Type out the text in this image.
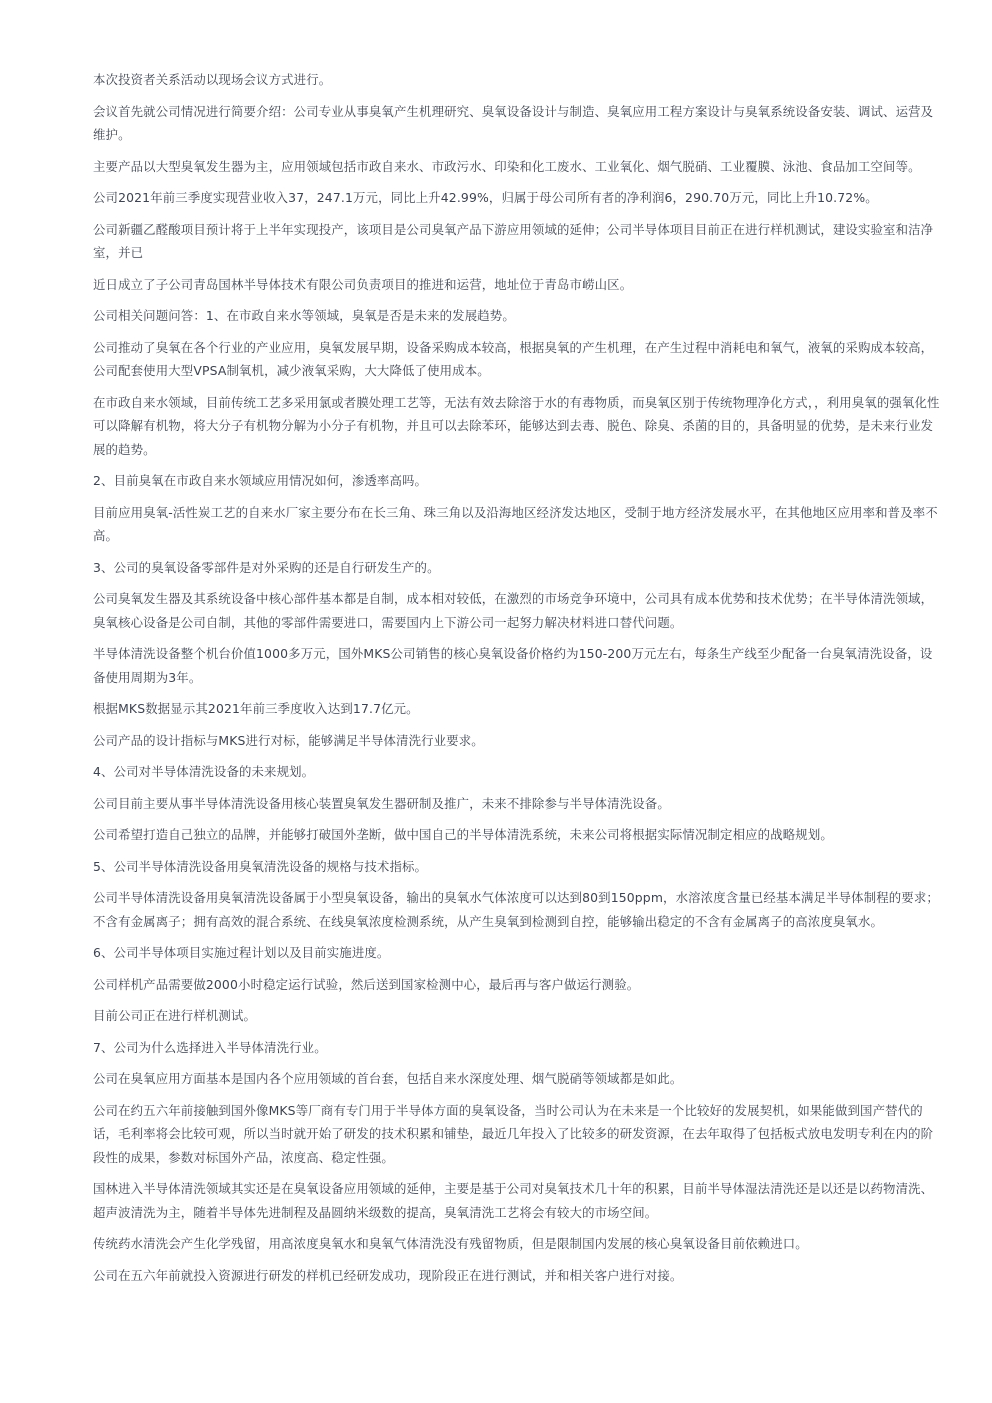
本次投资者关系活动以现场会议方式进行。

会议首先就公司情况进行简要介绍：公司专业从事臭氧产生机理研究、臭氧设备设计与制造、臭氧应用工程方案设计与臭氧系统设备安装、调试、运营及维护。

主要产品以大型臭氧发生器为主，应用领域包括市政自来水、市政污水、印染和化工废水、工业氧化、烟气脱硝、工业覆膜、泳池、食品加工空间等。

公司2021年前三季度实现营业收入37，247.1万元，同比上升42.99%，归属于母公司所有者的净利润6，290.70万元，同比上升10.72%。

公司新疆乙醛酸项目预计将于上半年实现投产，该项目是公司臭氧产品下游应用领域的延伸；公司半导体项目目前正在进行样机测试，建设实验室和洁净室，并已

近日成立了子公司青岛国林半导体技术有限公司负责项目的推进和运营，地址位于青岛市崂山区。

公司相关问题问答：1、在市政自来水等领域，臭氧是否是未来的发展趋势。

公司推动了臭氧在各个行业的产业应用，臭氧发展早期，设备采购成本较高，根据臭氧的产生机理，在产生过程中消耗电和氧气，液氧的采购成本较高，公司配套使用大型VPSA制氧机，减少液氧采购，大大降低了使用成本。

在市政自来水领域，目前传统工艺多采用氯或者膜处理工艺等，无法有效去除溶于水的有毒物质，而臭氧区别于传统物理净化方式，，利用臭氧的强氧化性可以降解有机物，将大分子有机物分解为小分子有机物，并且可以去除苯环，能够达到去毒、脱色、除臭、杀菌的目的，具备明显的优势，是未来行业发展的趋势。

2、目前臭氧在市政自来水领域应用情况如何，渗透率高吗。

目前应用臭氧-活性炭工艺的自来水厂家主要分布在长三角、珠三角以及沿海地区经济发达地区，受制于地方经济发展水平，在其他地区应用率和普及率不高。

3、公司的臭氧设备零部件是对外采购的还是自行研发生产的。

公司臭氧发生器及其系统设备中核心部件基本都是自制，成本相对较低，在激烈的市场竞争环境中，公司具有成本优势和技术优势；在半导体清洗领域，臭氧核心设备是公司自制，其他的零部件需要进口，需要国内上下游公司一起努力解决材料进口替代问题。

半导体清洗设备整个机台价值1000多万元，国外MKS公司销售的核心臭氧设备价格约为150-200万元左右，每条生产线至少配备一台臭氧清洗设备，设备使用周期为3年。

根据MKS数据显示其2021年前三季度收入达到17.7亿元。

公司产品的设计指标与MKS进行对标，能够满足半导体清洗行业要求。

4、公司对半导体清洗设备的未来规划。

公司目前主要从事半导体清洗设备用核心装置臭氧发生器研制及推广，未来不排除参与半导体清洗设备。

公司希望打造自己独立的品牌，并能够打破国外垄断，做中国自己的半导体清洗系统，未来公司将根据实际情况制定相应的战略规划。

5、公司半导体清洗设备用臭氧清洗设备的规格与技术指标。

公司半导体清洗设备用臭氧清洗设备属于小型臭氧设备，输出的臭氧水气体浓度可以达到80到150ppm，水溶浓度含量已经基本满足半导体制程的要求；不含有金属离子；拥有高效的混合系统、在线臭氧浓度检测系统，从产生臭氧到检测到自控，能够输出稳定的不含有金属离子的高浓度臭氧水。

6、公司半导体项目实施过程计划以及目前实施进度。

公司样机产品需要做2000小时稳定运行试验，然后送到国家检测中心，最后再与客户做运行测验。

目前公司正在进行样机测试。

7、公司为什么选择进入半导体清洗行业。

公司在臭氧应用方面基本是国内各个应用领域的首台套，包括自来水深度处理、烟气脱硝等领域都是如此。

公司在约五六年前接触到国外像MKS等厂商有专门用于半导体方面的臭氧设备，当时公司认为在未来是一个比较好的发展契机，如果能做到国产替代的话，毛利率将会比较可观，所以当时就开始了研发的技术积累和铺垫，最近几年投入了比较多的研发资源，在去年取得了包括板式放电发明专利在内的阶段性的成果，参数对标国外产品，浓度高、稳定性强。

国林进入半导体清洗领域其实还是在臭氧设备应用领域的延伸，主要是基于公司对臭氧技术几十年的积累，目前半导体湿法清洗还是以还是以药物清洗、超声波清洗为主，随着半导体先进制程及晶圆纳米级数的提高，臭氧清洗工艺将会有较大的市场空间。

传统药水清洗会产生化学残留，用高浓度臭氧水和臭氧气体清洗没有残留物质，但是限制国内发展的核心臭氧设备目前依赖进口。

公司在五六年前就投入资源进行研发的样机已经研发成功，现阶段正在进行测试，并和相关客户进行对接。
